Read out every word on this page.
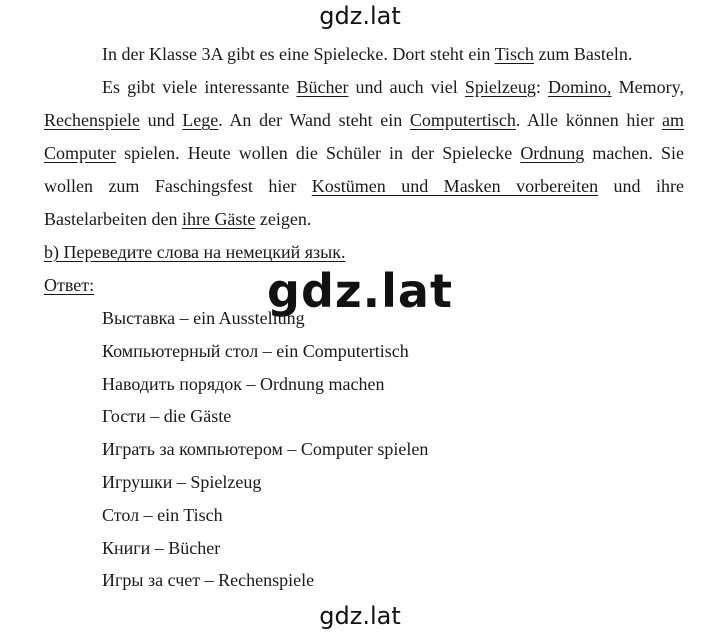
gdz.lat

In der Klasse 3A gibt es eine Spielecke. Dort steht ein Tisch zum Basteln.

Es gibt viele interessante Bücher und auch viel Spielzeug: Domino, Memory, Rechenspiele und Lege. An der Wand steht ein Computertisch. Alle können hier am Computer spielen. Heute wollen die Schüler in der Spielecke Ordnung machen. Sie wollen zum Faschingsfest hier Kostümen und Masken vorbereiten und ihre Bastelarbeiten den ihre Gäste zeigen.

b) Переведите слова на немецкий язык.
Ответ:	gdz.lat
Выставка – ein Ausstellung
Компьютерный стол – ein Computertisch
Наводить порядок – Ordnung machen
Гости – die Gäste
Играть за компьютером – Computer spielen
Игрушки – Spielzeug
Стол – ein Tisch
Книги – Bücher
Игры за счет – Rechenspiele
gdz.lat
